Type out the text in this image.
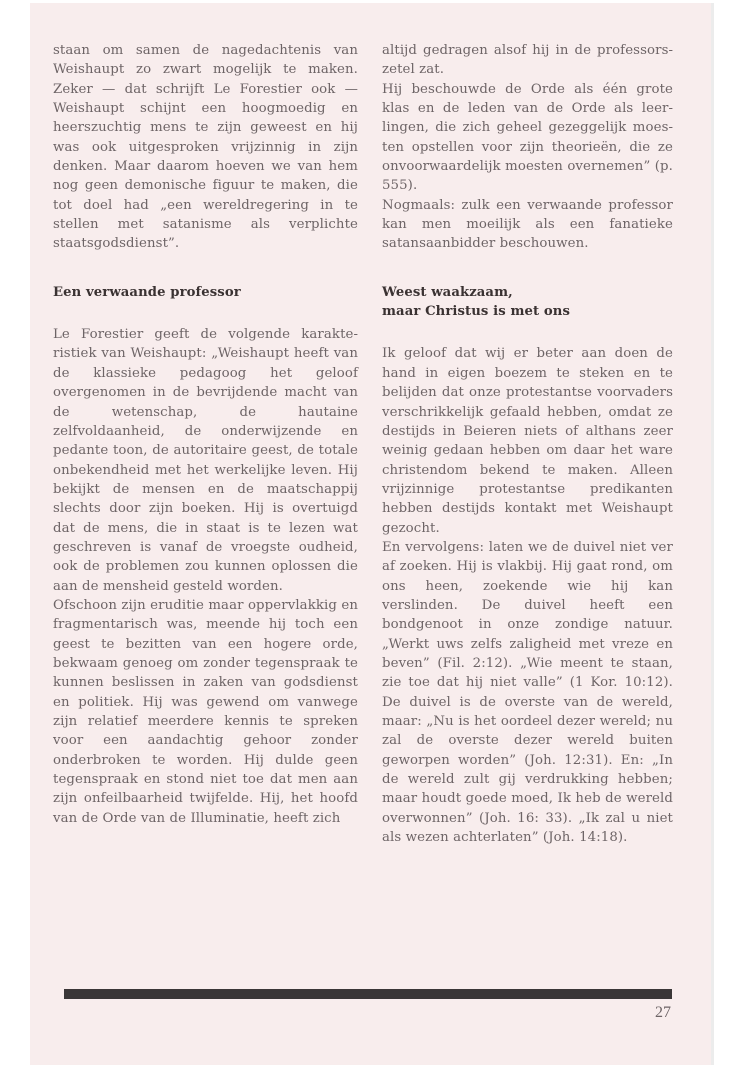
staan om samen de nagedachtenis van Weishaupt zo zwart mogelijk te maken. Zeker — dat schrijft Le Forestier ook — Weishaupt schijnt een hoogmoedig en heerszuchtig mens te zijn geweest en hij was ook uitgesproken vrijzinnig in zijn denken. Maar daarom hoeven we van hem nog geen demonische figuur te maken, die tot doel had „een wereldregering in te stellen met satanisme als verplichte staatsgodsdienst”.

Een verwaande professor

Le Forestier geeft de volgende karakteristiek van Weishaupt: „Weishaupt heeft van de klassieke pedagoog het geloof overgenomen in de bevrijdende macht van de wetenschap, de hautaine zelfvoldaanheid, de onderwijzende en pedante toon, de autoritaire geest, de totale onbekendheid met het werkelijke leven. Hij bekijkt de mensen en de maatschappij slechts door zijn boeken. Hij is overtuigd dat de mens, die in staat is te lezen wat geschreven is vanaf de vroegste oudheid, ook de problemen zou kunnen oplossen die aan de mensheid gesteld worden.

Ofschoon zijn eruditie maar oppervlakkig en fragmentarisch was, meende hij toch een geest te bezitten van een hogere orde, bekwaam genoeg om zonder tegenspraak te kunnen beslissen in zaken van godsdienst en politiek. Hij was gewend om vanwege zijn relatief meerdere kennis te spreken voor een aandachtig gehoor zonder onderbroken te worden. Hij dulde geen tegenspraak en stond niet toe dat men aan zijn onfeilbaarheid twijfelde. Hij, het hoofd van de Orde van de Illuminatie, heeft zich

altijd gedragen alsof hij in de professorszetel zat.

Hij beschouwde de Orde als één grote klas en de leden van de Orde als leerlingen, die zich geheel gezeggelijk moesten opstellen voor zijn theorieën, die ze onvoorwaardelijk moesten overnemen” (p. 555).

Nogmaals: zulk een verwaande professor kan men moeilijk als een fanatieke satansaanbidder beschouwen.

Weest waakzaam,
maar Christus is met ons

Ik geloof dat wij er beter aan doen de hand in eigen boezem te steken en te belijden dat onze protestantse voorvaders verschrikkelijk gefaald hebben, omdat ze destijds in Beieren niets of althans zeer weinig gedaan hebben om daar het ware christendom bekend te maken. Alleen vrijzinnige protestantse predikanten hebben destijds kontakt met Weishaupt gezocht.

En vervolgens: laten we de duivel niet ver af zoeken. Hij is vlakbij. Hij gaat rond, om ons heen, zoekende wie hij kan verslinden. De duivel heeft een bondgenoot in onze zondige natuur. „Werkt uws zelfs zaligheid met vreze en beven” (Fil. 2:12). „Wie meent te staan, zie toe dat hij niet valle” (1 Kor. 10:12). De duivel is de overste van de wereld, maar: „Nu is het oordeel dezer wereld; nu zal de overste dezer wereld buiten geworpen worden” (Joh. 12:31). En: „In de wereld zult gij verdrukking hebben; maar houdt goede moed, Ik heb de wereld overwonnen” (Joh. 16: 33). „Ik zal u niet als wezen achterlaten” (Joh. 14:18).

27
